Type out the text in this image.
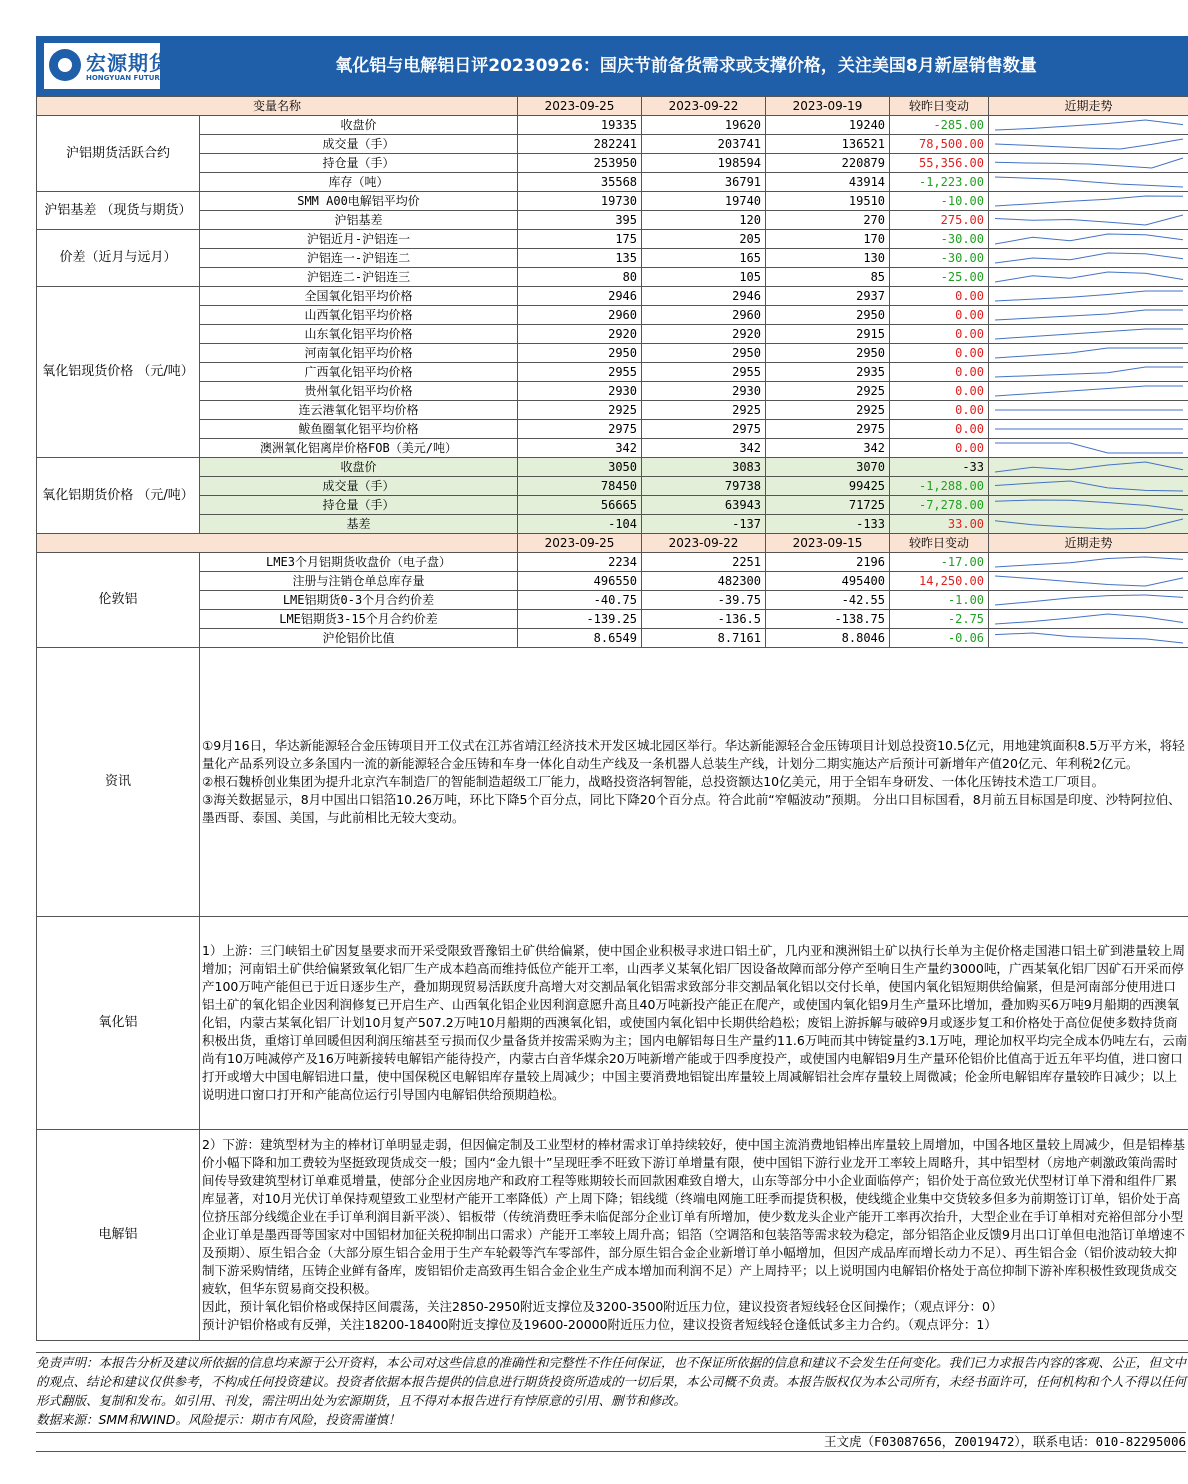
宏源期货
HONGYUAN FUTURES
氧化铝与电解铝日评20230926：国庆节前备货需求或支撑价格，关注美国8月新屋销售数量
变量名称		2023-09-25	2023-09-22	2023-09-19	较昨日变动	近期走势
沪铝期货活跃合约	收盘价	19335	19620	19240	-285.00	

	成交量（手）	282241	203741	136521	78,500.00	

	持仓量（手）	253950	198594	220879	55,356.00	

	库存（吨）	35568	36791	43914	-1,223.00	

沪铝基差 （现货与期货）	SMM A00电解铝平均价	19730	19740	19510	-10.00	

	沪铝基差	395	120	270	275.00	

价差（近月与远月）	沪铝近月-沪铝连一	175	205	170	-30.00	

	沪铝连一-沪铝连二	135	165	130	-30.00	

	沪铝连二-沪铝连三	80	105	85	-25.00	

氧化铝现货价格 （元/吨）	全国氧化铝平均价格	2946	2946	2937	0.00	

	山西氧化铝平均价格	2960	2960	2950	0.00	

	山东氧化铝平均价格	2920	2920	2915	0.00	

	河南氧化铝平均价格	2950	2950	2950	0.00	

	广西氧化铝平均价格	2955	2955	2935	0.00	

	贵州氧化铝平均价格	2930	2930	2925	0.00	

	连云港氧化铝平均价格	2925	2925	2925	0.00	

	鲅鱼圈氧化铝平均价格	2975	2975	2975	0.00	

	澳洲氧化铝离岸价格FOB（美元/吨）	342	342	342	0.00	

氧化铝期货价格 （元/吨）	收盘价	3050	3083	3070	-33	

	成交量（手）	78450	79738	99425	-1,288.00	

	持仓量（手）	56665	63943	71725	-7,278.00	

	基差	-104	-137	-133	33.00	

		2023-09-25	2023-09-22	2023-09-15	较昨日变动	近期走势
伦敦铝	LME3个月铝期货收盘价（电子盘）	2234	2251	2196	-17.00	

	注册与注销仓单总库存量	496550	482300	495400	14,250.00	

	LME铝期货0-3个月合约价差	-40.75	-39.75	-42.55	-1.00	

	LME铝期货3-15个月合约价差	-139.25	-136.5	-138.75	-2.75	

	沪伦铝价比值	8.6549	8.7161	8.8046	-0.06	

资讯	①9月16日，华达新能源轻合金压铸项目开工仪式在江苏省靖江经济技术开发区城北园区举行。华达新能源轻合金压铸项目计划总投资10.5亿元，用地建筑面积8.5万平方米，将轻量化产品系列设立多条国内一流的新能源轻合金压铸和车身一体化自动生产线及一条机器人总装生产线，计划分二期实施达产后预计可新增年产值20亿元、年利税2亿元。
②根石魏桥创业集团为提升北京汽车制造厂的智能制造超级工厂能力，战略投资洛轲智能，总投资额达10亿美元，用于全铝车身研发、一体化压铸技术造工厂项目。
③海关数据显示，8月中国出口铝箔10.26万吨，环比下降5个百分点，同比下降20个百分点。符合此前“窄幅波动”预期。 分出口目标国看，8月前五目标国是印度、沙特阿拉伯、墨西哥、泰国、美国，与此前相比无较大变动。					

氧化铝	1）上游：三门峡铝土矿因复垦要求而开采受限致晋豫铝土矿供给偏紧，使中国企业积极寻求进口铝土矿，几内亚和澳洲铝土矿以执行长单为主促价格走国港口铝土矿到港量较上周增加；河南铝土矿供给偏紧致氧化铝厂生产成本趋高而维持低位产能开工率，山西孝义某氧化铝厂因设备故障而部分停产至响日生产量约3000吨，广西某氧化铝厂因矿石开采而停产100万吨产能但已于近日逐步生产，叠加期现贸易活跃度升高增大对交割品氧化铝需求致部分非交割品氧化铝以交付长单，使国内氧化铝短期供给偏紧，但是河南部分使用进口铝土矿的氧化铝企业因利润修复已开启生产、山西氧化铝企业因利润意愿升高且40万吨新投产能正在爬产，或使国内氧化铝9月生产量环比增加，叠加购买6万吨9月船期的西澳氧化铝，内蒙古某氧化铝厂计划10月复产507.2万吨10月船期的西澳氧化铝，或使国内氧化铝中长期供给趋松；废铝上游拆解与破碎9月或逐步复工和价格处于高位促使多数持货商积极出货，重熔订单回暖但因利润压缩甚至亏损而仅少量备货并按需采购为主；国内电解铝每日生产量约11.6万吨而其中铸锭量约3.1万吨，理论加权平均完全成本仍吨左右，云南尚有10万吨减停产及16万吨新接转电解铝产能待投产，内蒙古白音华煤余20万吨新增产能或于四季度投产，或使国内电解铝9月生产量环伦铝价比值高于近五年平均值，进口窗口打开或增大中国电解铝进口量，使中国保税区电解铝库存量较上周减少；中国主要消费地铝锭出库量较上周减解铝社会库存量较上周微减；伦金所电解铝库存量较昨日减少；以上说明进口窗口打开和产能高位运行引导国内电解铝供给预期趋松。					

电解铝	2）下游：建筑型材为主的棒材订单明显走弱，但因偏定制及工业型材的棒材需求订单持续较好，使中国主流消费地铝棒出库量较上周增加，中国各地区量较上周减少，但是铝棒基价小幅下降和加工费较为坚挺致现货成交一般；国内“金九银十”呈现旺季不旺致下游订单增量有限，使中国铝下游行业龙开工率较上周略升，其中铝型材（房地产刺激政策尚需时间传导致建筑型材订单难觅增量，使部分企业因房地产和政府工程等账期较长而回款困难致自增大，山东等部分中小企业面临停产；铝价处于高位致光伏型材订单下滑和组件厂累库显著，对10月光伏订单保持观望致工业型材产能开工率降低）产上周下降；铝线缆（终端电网施工旺季而提货积极，使线缆企业集中交货较多但多为前期签订订单，铝价处于高位挤压部分线缆企业在手订单利润目新平淡）、铝板带（传统消费旺季未临促部分企业订单有所增加，使少数龙头企业产能开工率再次抬升，大型企业在手订单相对充裕但部分小型企业订单是墨西哥等国家对中国铝材加征关税抑制出口需求）产能开工率较上周升高；铝箔（空调箔和包装箔等需求较为稳定，部分铝箔企业反馈9月出口订单但电池箔订单增速不及预期）、原生铝合金（大部分原生铝合金用于生产车轮毂等汽车零部件，部分原生铝合金企业新增订单小幅增加，但因产成品库而增长动力不足）、再生铝合金（铝价波动较大抑制下游采购情绪，压铸企业鲜有备库，废铝铝价走高致再生铝合金企业生产成本增加而利润不足）产上周持平；以上说明国内电解铝价格处于高位抑制下游补库积极性致现货成交疲软，但华东贸易商交投积极。
因此，预计氧化铝价格或保持区间震荡，关注2850-2950附近支撑位及3200-3500附近压力位，建议投资者短线轻仓区间操作；（观点评分：0）
预计沪铝价格或有反弹，关注18200-18400附近支撑位及19600-20000附近压力位，建议投资者短线轻仓逢低试多主力合约。（观点评分：1）					
免责声明：本报告分析及建议所依据的信息均来源于公开资料，本公司对这些信息的准确性和完整性不作任何保证，也不保证所依据的信息和建议不会发生任何变化。我们已力求报告内容的客观、公正，但文中的观点、结论和建议仅供参考，不构成任何投资建议。投资者依据本报告提供的信息进行期货投资所造成的一切后果，本公司概不负责。本报告版权仅为本公司所有，未经书面许可，任何机构和个人不得以任何形式翻版、复制和发布。如引用、刊发，需注明出处为宏源期货，且不得对本报告进行有悖原意的引用、删节和修改。
数据来源：SMM和WIND。风险提示：期市有风险，投资需谨慎！
王文虎（F03087656，Z0019472），联系电话：010-82295006
